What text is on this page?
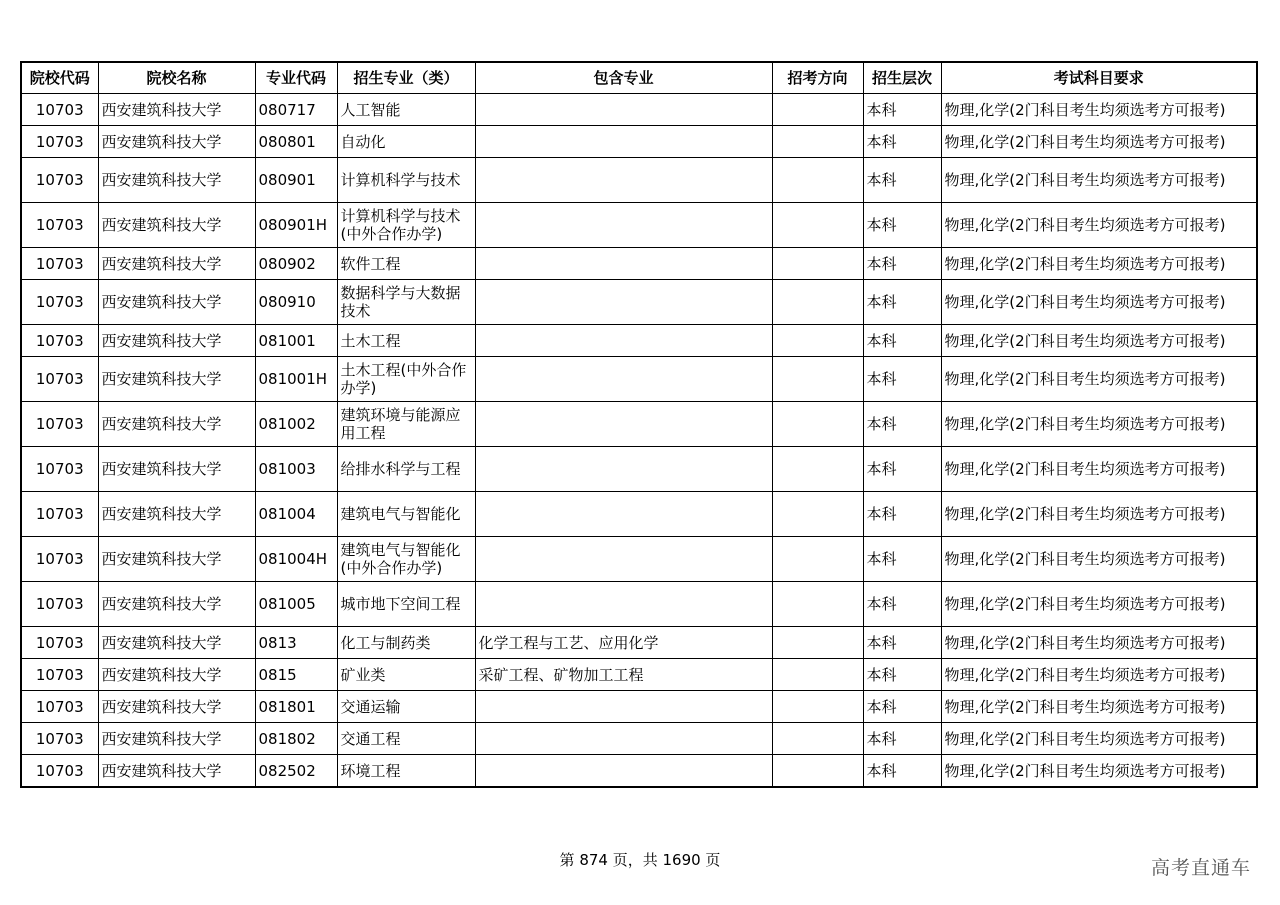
院校代码	院校名称	专业代码	招生专业（类）	包含专业	招考方向	招生层次	考试科目要求
10703	西安建筑科技大学	080717	人工智能			本科	物理,化学(2门科目考生均须选考方可报考)
10703	西安建筑科技大学	080801	自动化			本科	物理,化学(2门科目考生均须选考方可报考)
10703	西安建筑科技大学	080901	计算机科学与技术			本科	物理,化学(2门科目考生均须选考方可报考)
10703	西安建筑科技大学	080901H	计算机科学与技术(中外合作办学)			本科	物理,化学(2门科目考生均须选考方可报考)
10703	西安建筑科技大学	080902	软件工程			本科	物理,化学(2门科目考生均须选考方可报考)
10703	西安建筑科技大学	080910	数据科学与大数据技术			本科	物理,化学(2门科目考生均须选考方可报考)
10703	西安建筑科技大学	081001	土木工程			本科	物理,化学(2门科目考生均须选考方可报考)
10703	西安建筑科技大学	081001H	土木工程(中外合作办学)			本科	物理,化学(2门科目考生均须选考方可报考)
10703	西安建筑科技大学	081002	建筑环境与能源应用工程			本科	物理,化学(2门科目考生均须选考方可报考)
10703	西安建筑科技大学	081003	给排水科学与工程			本科	物理,化学(2门科目考生均须选考方可报考)
10703	西安建筑科技大学	081004	建筑电气与智能化			本科	物理,化学(2门科目考生均须选考方可报考)
10703	西安建筑科技大学	081004H	建筑电气与智能化(中外合作办学)			本科	物理,化学(2门科目考生均须选考方可报考)
10703	西安建筑科技大学	081005	城市地下空间工程			本科	物理,化学(2门科目考生均须选考方可报考)
10703	西安建筑科技大学	0813	化工与制药类	化学工程与工艺、应用化学		本科	物理,化学(2门科目考生均须选考方可报考)
10703	西安建筑科技大学	0815	矿业类	采矿工程、矿物加工工程		本科	物理,化学(2门科目考生均须选考方可报考)
10703	西安建筑科技大学	081801	交通运输			本科	物理,化学(2门科目考生均须选考方可报考)
10703	西安建筑科技大学	081802	交通工程			本科	物理,化学(2门科目考生均须选考方可报考)
10703	西安建筑科技大学	082502	环境工程			本科	物理,化学(2门科目考生均须选考方可报考)
第 874 页，共 1690 页	高考直通车
